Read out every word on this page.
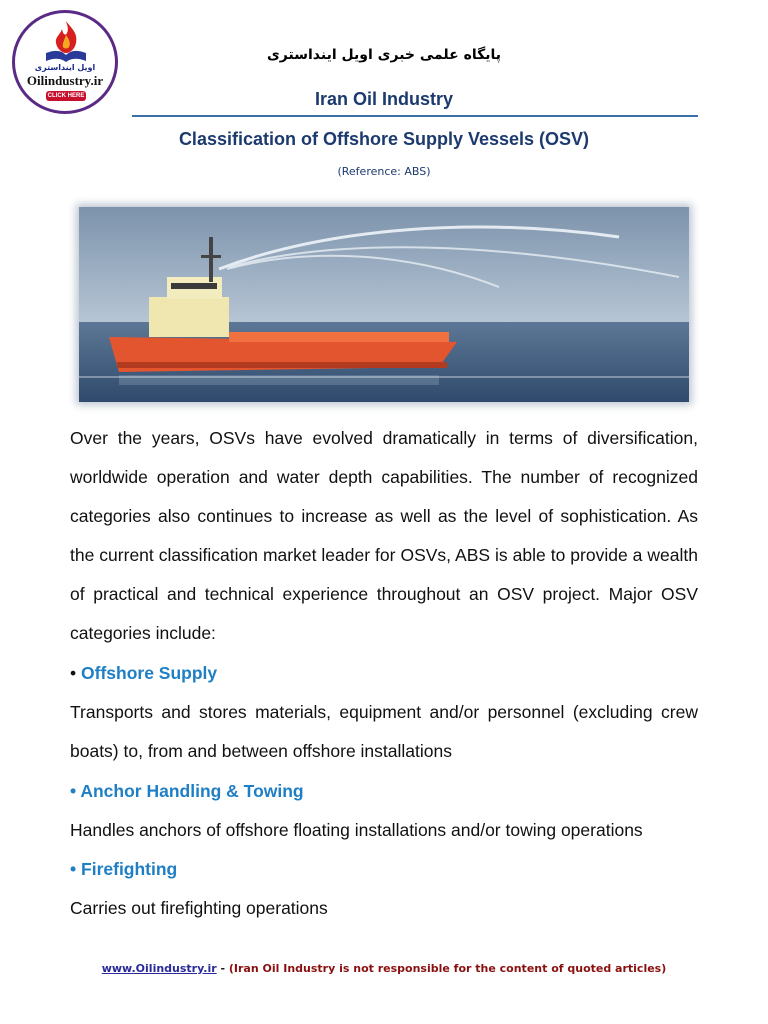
اویل اینداستری
Oilindustry.ir
CLICK HERE
پایگاه علمی خبری اویل اینداستری
Iran Oil Industry
Classification of Offshore Supply Vessels (OSV)
(Reference: ABS)

Over the years, OSVs have evolved dramatically in terms of diversification, worldwide operation and water depth capabilities. The number of recognized categories also continues to increase as well as the level of sophistication. As the current classification market leader for OSVs, ABS is able to provide a wealth of practical and technical experience throughout an OSV project. Major OSV categories include:

• Offshore Supply

Transports and stores materials, equipment and/or personnel (excluding crew boats) to, from and between offshore installations

• Anchor Handling & Towing

Handles anchors of offshore floating installations and/or towing operations

• Firefighting

Carries out firefighting operations

www.Oilindustry.ir - (Iran Oil Industry is not responsible for the content of quoted articles)
